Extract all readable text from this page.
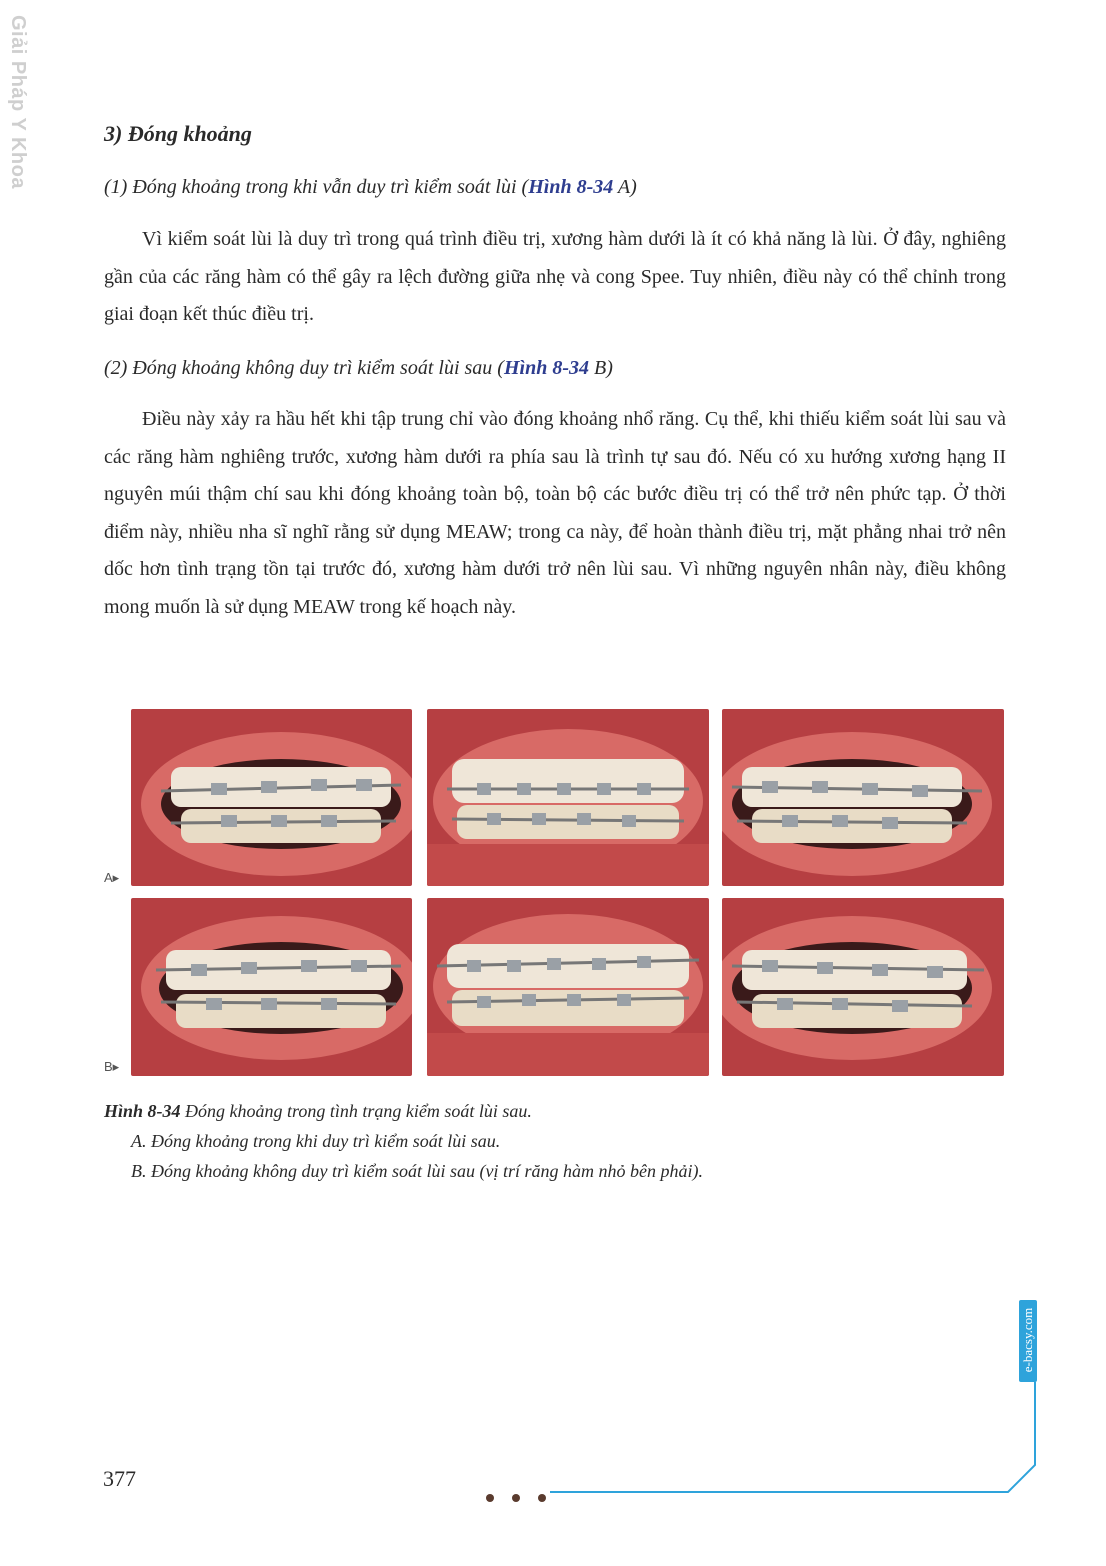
Giải Pháp Y Khoa	3) Đóng khoảng
(1) Đóng khoảng trong khi vẫn duy trì kiểm soát lùi (Hình 8-34 A)
Vì kiểm soát lùi là duy trì trong quá trình điều trị, xương hàm dưới là ít có khả năng là lùi. Ở đây, nghiêng gần của các răng hàm có thể gây ra lệch đường giữa nhẹ và cong Spee. Tuy nhiên, điều này có thể chỉnh trong giai đoạn kết thúc điều trị.
(2) Đóng khoảng không duy trì kiểm soát lùi sau (Hình 8-34 B)
Điều này xảy ra hầu hết khi tập trung chỉ vào đóng khoảng nhổ răng. Cụ thể, khi thiếu kiểm soát lùi sau và các răng hàm nghiêng trước, xương hàm dưới ra phía sau là trình tự sau đó. Nếu có xu hướng xương hạng II nguyên múi thậm chí sau khi đóng khoảng toàn bộ, toàn bộ các bước điều trị có thể trở nên phức tạp. Ở thời điểm này, nhiều nha sĩ nghĩ rằng sử dụng MEAW; trong ca này, để hoàn thành điều trị, mặt phẳng nhai trở nên dốc hơn tình trạng tồn tại trước đó, xương hàm dưới trở nên lùi sau. Vì những nguyên nhân này, điều không mong muốn là sử dụng MEAW trong kế hoạch này.
A▸
B▸
Hình 8-34 Đóng khoảng trong tình trạng kiểm soát lùi sau.
A. Đóng khoảng trong khi duy trì kiểm soát lùi sau.
B. Đóng khoảng không duy trì kiểm soát lùi sau (vị trí răng hàm nhỏ bên phải).
e-bacsy.com
377
